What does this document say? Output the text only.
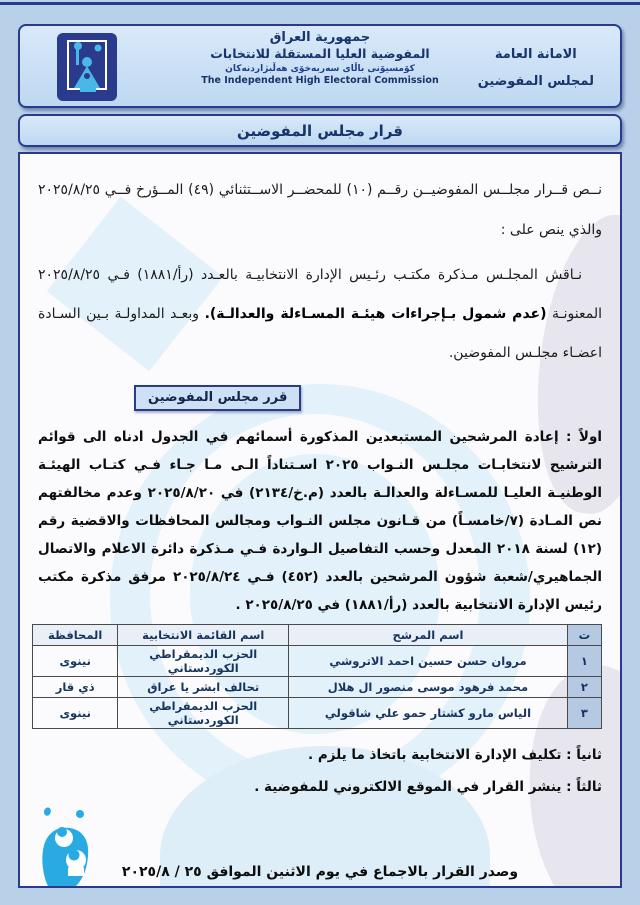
جمهورية العراق
المفوضية العليا المستقلة للانتخابات
کۆمسیۆنی باڵای سەربەخۆی هەڵبژاردنەکان
The Independent High Electoral Commission
الامانة العامة
لمجلس المفوضين
قرار مجلس المفوضين

نــص قــرار مجلــس المفوضيــن رقــم (١٠) للمحضــر الاســتثنائي (٤٩) المــؤرخ فــي ٢٠٢٥/٨/٢٥ والذي ينص على :

نـاقش المجلـس مـذكرة مكتـب رئـيس الإدارة الانتخابيـة بالعـدد (رأ/١٨٨١) فـي ٢٠٢٥/٨/٢٥ المعنونـة (عدم شمول بـإجراءات هيئـة المسـاءلة والعدالـة). وبعـد المداولـة بـين السـادة اعضـاء مجلـس المفوضين.

قرر مجلس المفوضين

اولاً : إعادة المرشحين المستبعدين المذكورة أسمائهم في الجدول ادناه الى قوائم الترشيح لانتخابـات مجلـس النـواب ٢٠٢٥ اسـتناداً الـى مـا جـاء فـي كتـاب الهيئـة الوطنيـة العليـا للمسـاءلة والعدالـة بالعدد (م.خ/٢١٣٤) في ٢٠٢٥/٨/٢٠ وعدم مخالفتهم نص المـادة (٧/خامسـاً) من قـانون مجلس النـواب ومجالس المحافظات والاقضية رقم (١٢) لسنة ٢٠١٨ المعدل وحسب التفاصيل الـواردة فـي مـذكرة دائرة الاعلام والاتصال الجماهيري/شعبة شؤون المرشحين بالعدد (٤٥٢) فـي ٢٠٢٥/٨/٢٤ مرفق مذكرة مكتب رئيس الإدارة الانتخابية بالعدد (رأ/١٨٨١) في ٢٠٢٥/٨/٢٥ .

ت	اسم المرشح	اسم القائمة الانتخابية	المحافظة
١	مروان حسن حسين احمد الاتروشي	الحزب الديمقراطي الكوردستاني	نينوى
٢	محمد فرهود موسى منصور ال هلال	تحالف ابشر يا عراق	ذي قار
٣	الياس مارو كشتار حمو علي شاقولي	الحزب الديمقراطي الكوردستاني	نينوى

ثانياً : تكليف الإدارة الانتخابية باتخاذ ما يلزم .

ثالثاً : ينشر القرار في الموقع الالكتروني للمفوضية .

وصدر القرار بالاجماع في يوم الاثنين الموافق ٢٥ / ٢٠٢٥/٨
